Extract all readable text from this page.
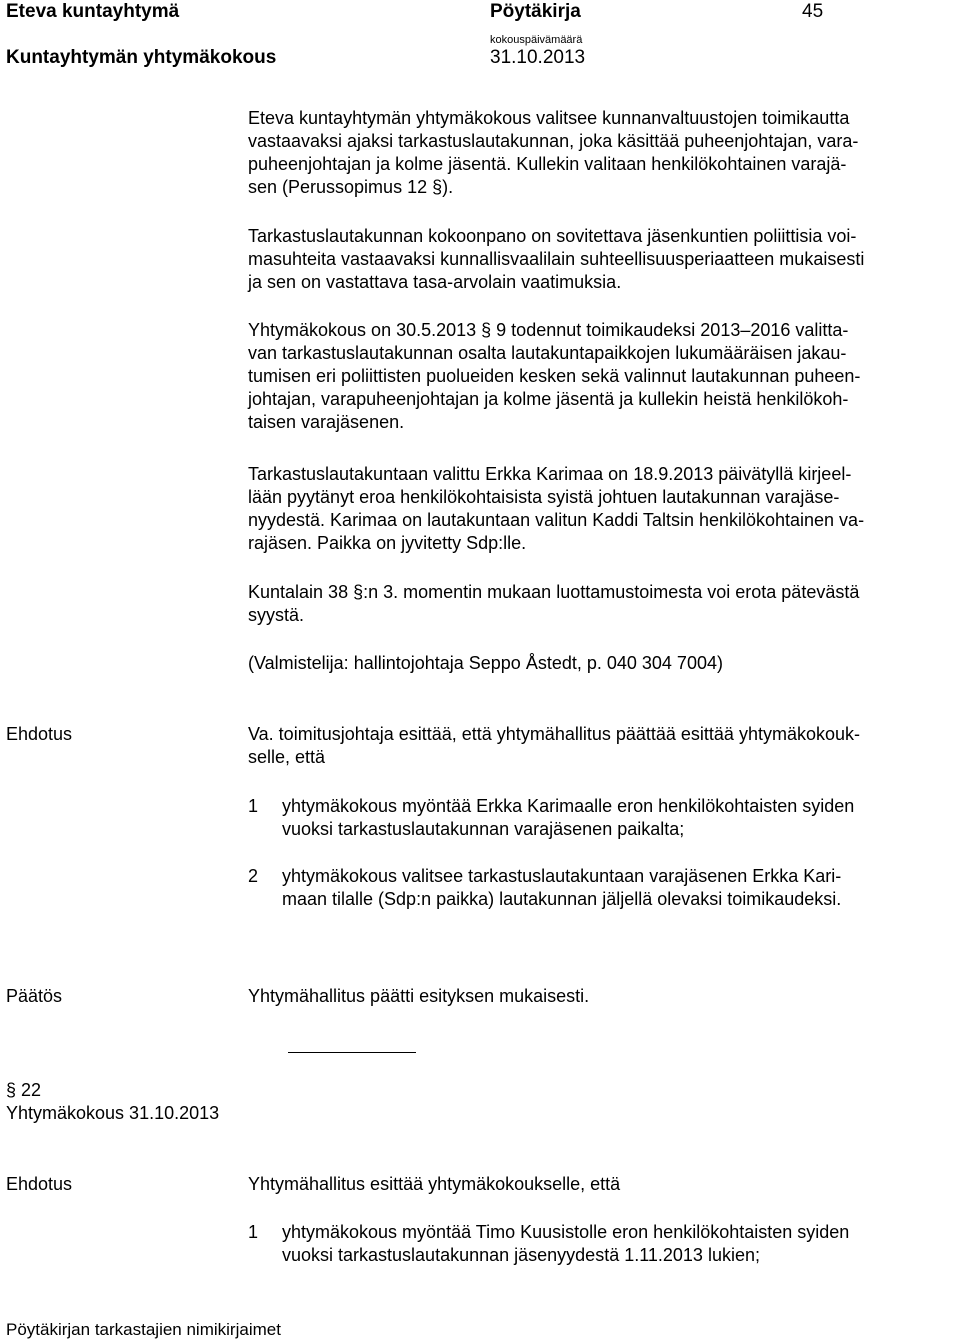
Eteva kuntayhtymä	Pöytäkirja	45
Kuntayhtymän yhtymäkokous
kokouspäivämäärä
31.10.2013
Eteva kuntayhtymän yhtymäkokous valitsee kunnanvaltuustojen toimikautta
vastaavaksi ajaksi tarkastuslautakunnan, joka käsittää puheenjohtajan, vara-
puheenjohtajan ja kolme jäsentä. Kullekin valitaan henkilökohtainen varajä-
sen (Perussopimus 12 §).
Tarkastuslautakunnan kokoonpano on sovitettava jäsenkuntien poliittisia voi-
masuhteita vastaavaksi kunnallisvaalilain suhteellisuusperiaatteen mukaisesti
ja sen on vastattava tasa-arvolain vaatimuksia.
Yhtymäkokous on 30.5.2013 § 9 todennut toimikaudeksi 2013–2016 valitta-
van tarkastuslautakunnan osalta lautakuntapaikkojen lukumääräisen jakau-
tumisen eri poliittisten puolueiden kesken sekä valinnut lautakunnan puheen-
johtajan, varapuheenjohtajan ja kolme jäsentä ja kullekin heistä henkilökoh-
taisen varajäsenen.
Tarkastuslautakuntaan valittu Erkka Karimaa on 18.9.2013 päivätyllä kirjeel-
lään pyytänyt eroa henkilökohtaisista syistä johtuen lautakunnan varajäse-
nyydestä. Karimaa on lautakuntaan valitun Kaddi Taltsin henkilökohtainen va-
rajäsen. Paikka on jyvitetty Sdp:lle.
Kuntalain 38 §:n 3. momentin mukaan luottamustoimesta voi erota pätevästä
syystä.
(Valmistelija: hallintojohtaja Seppo Åstedt, p. 040 304 7004)
Ehdotus	Va. toimitusjohtaja esittää, että yhtymähallitus päättää esittää yhtymäkokouk-
selle, että
1 yhtymäkokous myöntää Erkka Karimaalle eron henkilökohtaisten syiden
vuoksi tarkastuslautakunnan varajäsenen paikalta;
2 yhtymäkokous valitsee tarkastuslautakuntaan varajäsenen Erkka Kari-
maan tilalle (Sdp:n paikka) lautakunnan jäljellä olevaksi toimikaudeksi.
Päätös	Yhtymähallitus päätti esityksen mukaisesti.
§ 22
Yhtymäkokous 31.10.2013
Ehdotus	Yhtymähallitus esittää yhtymäkokoukselle, että
1 yhtymäkokous myöntää Timo Kuusistolle eron henkilökohtaisten syiden
vuoksi tarkastuslautakunnan jäsenyydestä 1.11.2013 lukien;
Pöytäkirjan tarkastajien nimikirjaimet
